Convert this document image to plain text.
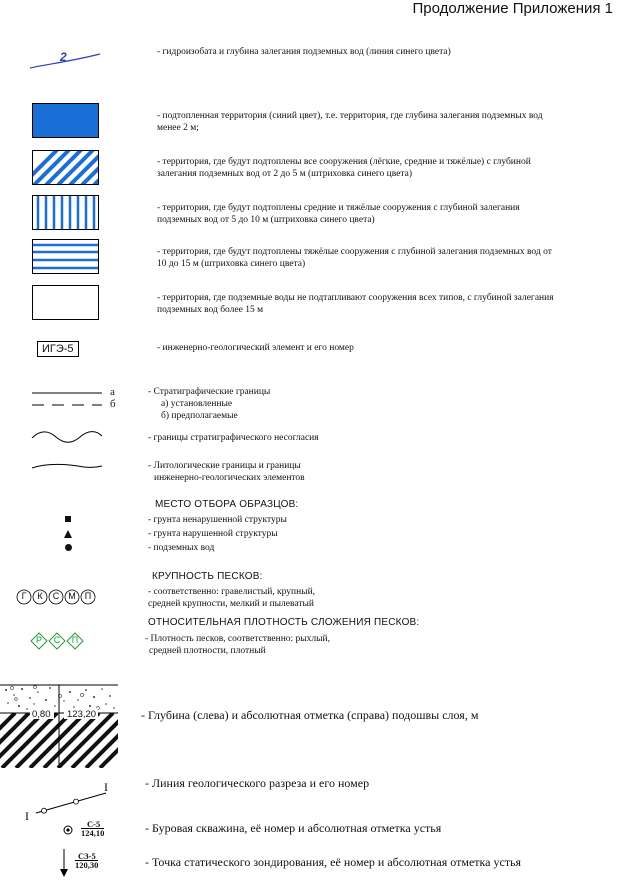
Продолжение Приложения 1
2	- гидроизобата и глубина залегания подземных вод (линия синего цвета)
- подтопленная территория (синий цвет), т.е. территория, где глубина залегания подземных вод
менее 2 м;
- территория, где будут подтоплены все сооружения (лёгкие, средние и тяжёлые) с глубиной
залегания подземных вод от 2 до 5 м (штриховка синего цвета)
- территория, где будут подтоплены средние и тяжёлые сооружения с глубиной залегания
подземных вод от 5 до 10 м (штриховка синего цвета)
- территория, где будут подтоплены тяжёлые сооружения с глубиной залегания подземных вод от
10 до 15 м (штриховка синего цвета)
- территория, где подземные воды не подтапливают сооружения всех типов, с глубиной залегания
подземных вод более 15 м
ИГЭ-5	- инженерно-геологический элемент и его номер
а
б
- Стратиграфические границы
а) установленные
б) предполагаемые
- границы стратиграфического несогласия
- Литологические границы и границы
инженерно-геологических элементов
МЕСТО ОТБОРА ОБРАЗЦОВ:
- грунта ненарушенной структуры
- грунта нарушенной структуры
- подземных вод
КРУПНОСТЬ ПЕСКОВ:
Г К С М П	- соответственно: гравелистый, крупный,
средней крупности, мелкий и пылеватый
ОТНОСИТЕЛЬНАЯ ПЛОТНОСТЬ СЛОЖЕНИЯ ПЕСКОВ:
Р С П	- Плотность песков, соответственно: рыхлый,
средней плотности, плотный
0,80 123,20	- Глубина (слева) и абсолютная отметка (справа) подошвы слоя, м
I
I	- Линия геологического разреза и его номер
С-5
124,10	- Буровая скважина, её номер и абсолютная отметка устья
СЗ-5
120,30	- Точка статического зондирования, её номер и абсолютная отметка устья
